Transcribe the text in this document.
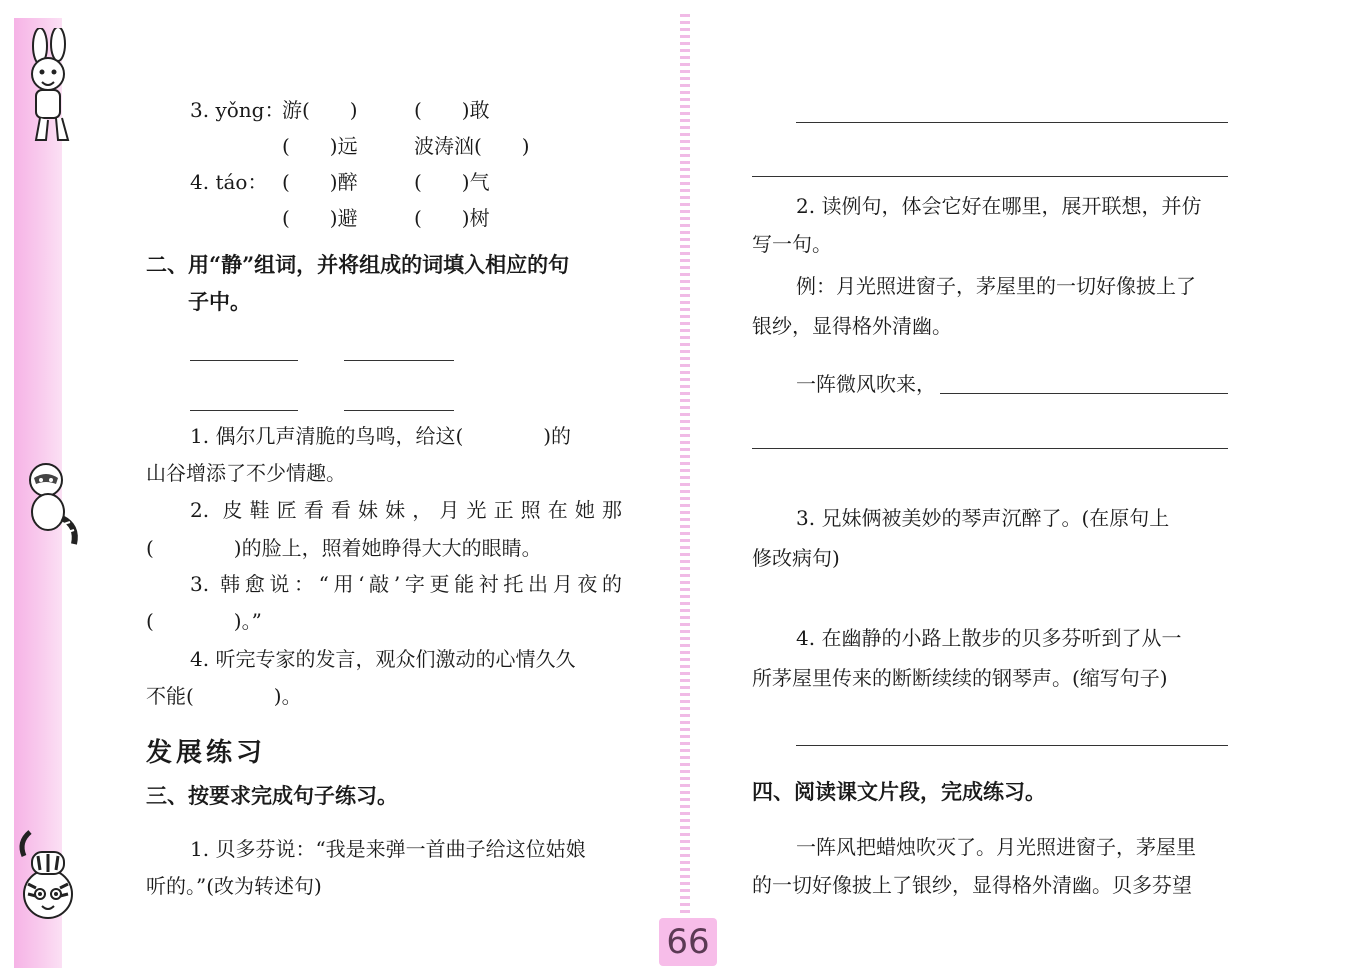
66
3. yǒng：
游(　　)	(　　)敢
(　　)远	波涛汹(　　)
4. táo： (　　)醉	(　　)气
(　　)避	(　　)树
二、用“静”组词，并将组成的词填入相应的句
子中。
1. 偶尔几声清脆的鸟鸣，给这(　　　　)的
山谷增添了不少情趣。
2. 皮鞋匠看看妹妹，月光正照在她那
(　　　　)的脸上，照着她睁得大大的眼睛。
3. 韩愈说：“用‘敲’字更能衬托出月夜的
(　　　　)。”
4. 听完专家的发言，观众们激动的心情久久
不能(　　　　)。
发展练习
三、按要求完成句子练习。
1. 贝多芬说：“我是来弹一首曲子给这位姑娘
听的。”(改为转述句)
2. 读例句，体会它好在哪里，展开联想，并仿
写一句。
例：月光照进窗子，茅屋里的一切好像披上了
银纱，显得格外清幽。
一阵微风吹来，
3. 兄妹俩被美妙的琴声沉醉了。(在原句上
修改病句)
4. 在幽静的小路上散步的贝多芬听到了从一
所茅屋里传来的断断续续的钢琴声。(缩写句子)
四、阅读课文片段，完成练习。
一阵风把蜡烛吹灭了。月光照进窗子，茅屋里
的一切好像披上了银纱，显得格外清幽。贝多芬望
